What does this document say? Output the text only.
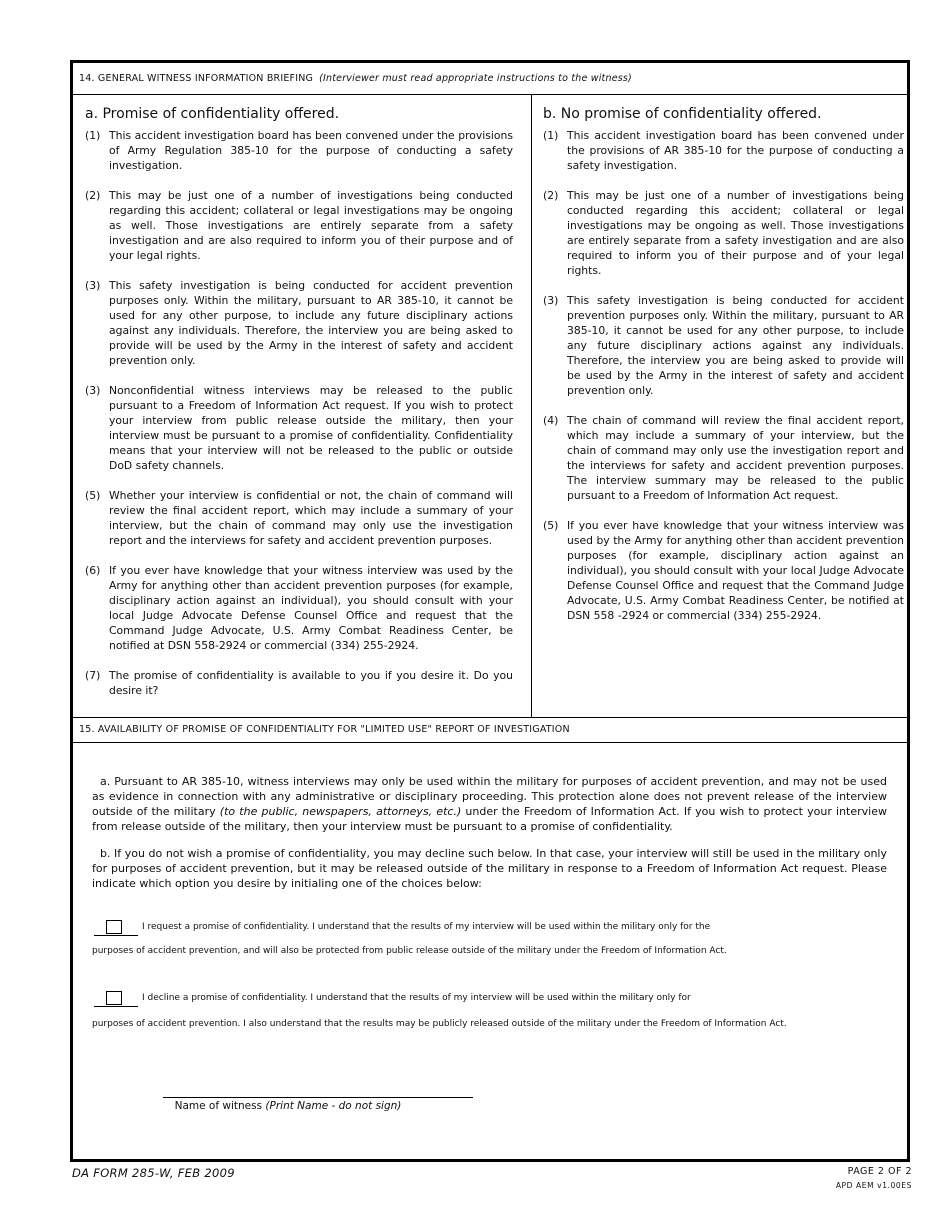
14. GENERAL WITNESS INFORMATION BRIEFING (Interviewer must read appropriate instructions to the witness)
a. Promise of confidentiality offered.

(1) This accident investigation board has been convened under the provisions of Army Regulation 385-10 for the purpose of conducting a safety investigation.

(2) This may be just one of a number of investigations being conducted regarding this accident; collateral or legal investigations may be ongoing as well. Those investigations are entirely separate from a safety investigation and are also required to inform you of their purpose and of your legal rights.

(3) This safety investigation is being conducted for accident prevention purposes only. Within the military, pursuant to AR 385-10, it cannot be used for any other purpose, to include any future disciplinary actions against any individuals. Therefore, the interview you are being asked to provide will be used by the Army in the interest of safety and accident prevention only.

(3) Nonconfidential witness interviews may be released to the public pursuant to a Freedom of Information Act request. If you wish to protect your interview from public release outside the military, then your interview must be pursuant to a promise of confidentiality. Confidentiality means that your interview will not be released to the public or outside DoD safety channels.

(5) Whether your interview is confidential or not, the chain of command will review the final accident report, which may include a summary of your interview, but the chain of command may only use the investigation report and the interviews for safety and accident prevention purposes.

(6) If you ever have knowledge that your witness interview was used by the Army for anything other than accident prevention purposes (for example, disciplinary action against an individual), you should consult with your local Judge Advocate Defense Counsel Office and request that the Command Judge Advocate, U.S. Army Combat Readiness Center, be notified at DSN 558-2924 or commercial (334) 255-2924.

(7) The promise of confidentiality is available to you if you desire it. Do you desire it?

b. No promise of confidentiality offered.

(1) This accident investigation board has been convened under the provisions of AR 385-10 for the purpose of conducting a safety investigation.

(2) This may be just one of a number of investigations being conducted regarding this accident; collateral or legal investigations may be ongoing as well. Those investigations are entirely separate from a safety investigation and are also required to inform you of their purpose and of your legal rights.

(3) This safety investigation is being conducted for accident prevention purposes only. Within the military, pursuant to AR 385-10, it cannot be used for any other purpose, to include any future disciplinary actions against any individuals. Therefore, the interview you are being asked to provide will be used by the Army in the interest of safety and accident prevention only.

(4) The chain of command will review the final accident report, which may include a summary of your interview, but the chain of command may only use the investigation report and the interviews for safety and accident prevention purposes. The interview summary may be released to the public pursuant to a Freedom of Information Act request.

(5) If you ever have knowledge that your witness interview was used by the Army for anything other than accident prevention purposes (for example, disciplinary action against an individual), you should consult with your local Judge Advocate Defense Counsel Office and request that the Command Judge Advocate, U.S. Army Combat Readiness Center, be notified at DSN 558 -2924 or commercial (334) 255-2924.

15. AVAILABILITY OF PROMISE OF CONFIDENTIALITY FOR "LIMITED USE" REPORT OF INVESTIGATION

a. Pursuant to AR 385-10, witness interviews may only be used within the military for purposes of accident prevention, and may not be used as evidence in connection with any administrative or disciplinary proceeding. This protection alone does not prevent release of the interview outside of the military (to the public, newspapers, attorneys, etc.) under the Freedom of Information Act. If you wish to protect your interview from release outside of the military, then your interview must be pursuant to a promise of confidentiality.

b. If you do not wish a promise of confidentiality, you may decline such below. In that case, your interview will still be used in the military only for purposes of accident prevention, but it may be released outside of the military in response to a Freedom of Information Act request. Please indicate which option you desire by initialing one of the choices below:

I request a promise of confidentiality. I understand that the results of my interview will be used within the military only for the
purposes of accident prevention, and will also be protected from public release outside of the military under the Freedom of Information Act.
I decline a promise of confidentiality. I understand that the results of my interview will be used within the military only for
purposes of accident prevention. I also understand that the results may be publicly released outside of the military under the Freedom of Information Act.
Name of witness (Print Name - do not sign)
DA FORM 285-W, FEB 2009	PAGE 2 OF 2
APD AEM v1.00ES
